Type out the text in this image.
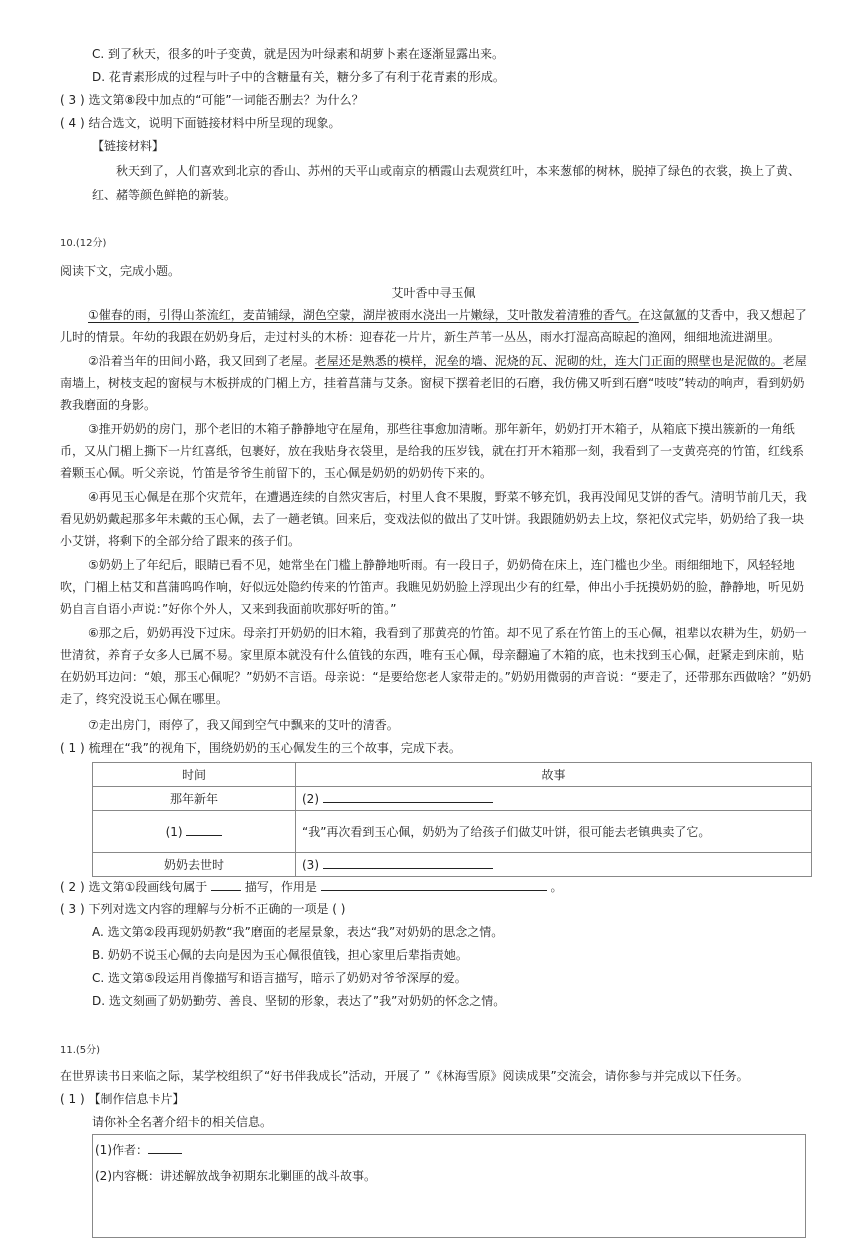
C. 到了秋天，很多的叶子变黄，就是因为叶绿素和胡萝卜素在逐渐显露出来。
D. 花青素形成的过程与叶子中的含糖量有关，糖分多了有利于花青素的形成。
( 3 ) 选文第⑧段中加点的“可能”一词能否删去？为什么？
( 4 ) 结合选文，说明下面链接材料中所呈现的现象。
【链接材料】
秋天到了，人们喜欢到北京的香山、苏州的天平山或南京的栖霞山去观赏红叶，本来葱郁的树林，脱掉了绿色的衣裳，换上了黄、红、赭等颜色鲜艳的新装。
10.(12分)
阅读下文，完成小题。
艾叶香中寻玉佩
①催春的雨，引得山茶流红，麦苗铺绿，湖色空蒙，湖岸被雨水浇出一片嫩绿，艾叶散发着清雅的香气。在这氤氲的艾香中，我又想起了儿时的情景。年幼的我跟在奶奶身后，走过村头的木桥：迎春花一片片，新生芦苇一丛丛，雨水打湿高高晾起的渔网，细细地流进湖里。
②沿着当年的田间小路，我又回到了老屋。老屋还是熟悉的模样，泥垒的墙、泥烧的瓦、泥砌的灶，连大门正面的照壁也是泥做的。老屋南墙上，树枝支起的窗棂与木板拼成的门楣上方，挂着菖蒲与艾条。窗棂下摆着老旧的石磨，我仿佛又听到石磨“吱吱”转动的响声，看到奶奶教我磨面的身影。
③推开奶奶的房门，那个老旧的木箱子静静地守在屋角，那些往事愈加清晰。那年新年，奶奶打开木箱子，从箱底下摸出簇新的一角纸币，又从门楣上撕下一片红喜纸，包裹好，放在我贴身衣袋里，是给我的压岁钱，就在打开木箱那一刻，我看到了一支黄亮亮的竹笛，红线系着颗玉心佩。听父亲说，竹笛是爷爷生前留下的，玉心佩是奶奶的奶奶传下来的。
④再见玉心佩是在那个灾荒年，在遭遇连续的自然灾害后，村里人食不果腹，野菜不够充饥，我再没闻见艾饼的香气。清明节前几天，我看见奶奶戴起那多年未戴的玉心佩，去了一趟老镇。回来后，变戏法似的做出了艾叶饼。我跟随奶奶去上坟，祭祀仪式完毕，奶奶给了我一块小艾饼，将剩下的全部分给了跟来的孩子们。
⑤奶奶上了年纪后，眼睛已看不见，她常坐在门槛上静静地听雨。有一段日子，奶奶倚在床上，连门槛也少坐。雨细细地下，风轻轻地吹，门楣上枯艾和菖蒲呜呜作响，好似远处隐约传来的竹笛声。我瞧见奶奶脸上浮现出少有的红晕，伸出小手抚摸奶奶的脸，静静地，听见奶奶自言自语小声说：”好你个外人，又来到我面前吹那好听的笛。”
⑥那之后，奶奶再没下过床。母亲打开奶奶的旧木箱，我看到了那黄亮的竹笛。却不见了系在竹笛上的玉心佩，祖辈以农耕为生，奶奶一世清贫，养育子女多人已属不易。家里原本就没有什么值钱的东西，唯有玉心佩，母亲翻遍了木箱的底，也未找到玉心佩，赶紧走到床前，贴在奶奶耳边问：“娘，那玉心佩呢？”奶奶不言语。母亲说：“是要给您老人家带走的。”奶奶用微弱的声音说：“要走了，还带那东西做啥？”奶奶走了，终究没说玉心佩在哪里。
⑦走出房门，雨停了，我又闻到空气中飘来的艾叶的清香。
( 1 ) 梳理在“我”的视角下，围绕奶奶的玉心佩发生的三个故事，完成下表。
时间	故事
那年新年	(2)
(1)	“我”再次看到玉心佩，奶奶为了给孩子们做艾叶饼，很可能去老镇典卖了它。
奶奶去世时	(3)
( 2 ) 选文第①段画线句属于	描写，作用是	。
( 3 ) 下列对选文内容的理解与分析不正确的一项是 ( )
A. 选文第②段再现奶奶教“我”磨面的老屋景象，表达“我”对奶奶的思念之情。
B. 奶奶不说玉心佩的去向是因为玉心佩很值钱，担心家里后辈指责她。
C. 选文第⑤段运用肖像描写和语言描写，暗示了奶奶对爷爷深厚的爱。
D. 选文刻画了奶奶勤劳、善良、坚韧的形象，表达了”我”对奶奶的怀念之情。
11.(5分)
在世界读书日来临之际，某学校组织了“好书伴我成长”活动，开展了 ”《林海雪原》阅读成果”交流会，请你参与并完成以下任务。
( 1 ) 【制作信息卡片】
请你补全名著介绍卡的相关信息。
(1)作者：
(2)内容概：讲述解放战争初期东北剿匪的战斗故事。
